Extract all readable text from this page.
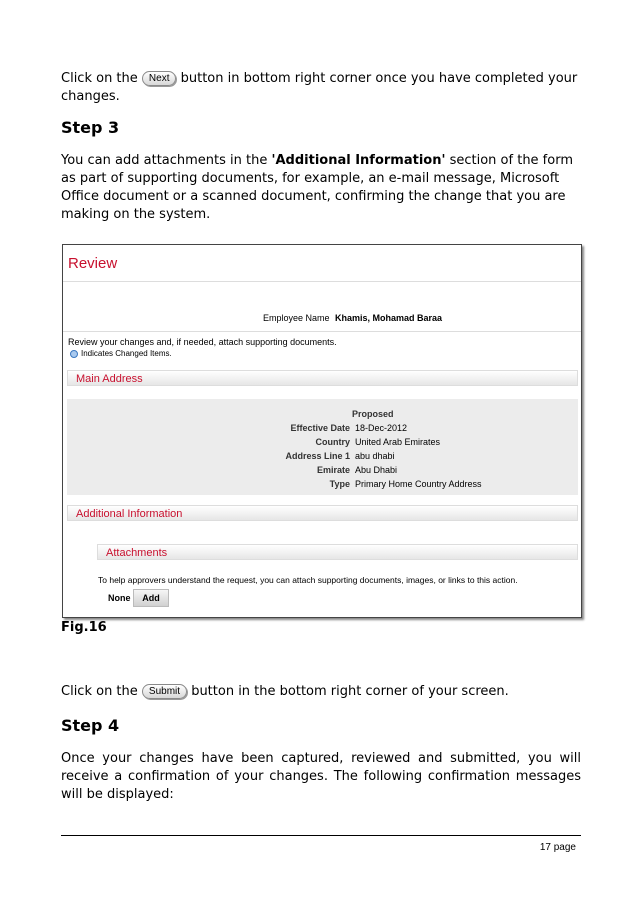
Click on the Next button in bottom right corner once you have completed your changes.
Step 3
You can add attachments in the 'Additional Information' section of the form as part of supporting documents, for example, an e-mail message, Microsoft Office document or a scanned document, confirming the change that you are making on the system.
Review
Employee Name Khamis, Mohamad Baraa
Review your changes and, if needed, attach supporting documents.
Indicates Changed Items.
Main Address
Proposed
Effective Date 18-Dec-2012
Country United Arab Emirates
Address Line 1 abu dhabi
Emirate Abu Dhabi
Type Primary Home Country Address
Additional Information
Attachments
To help approvers understand the request, you can attach supporting documents, images, or links to this action.
None	Add
Fig.16
Click on the Submit button in the bottom right corner of your screen.
Step 4
Once your changes have been captured, reviewed and submitted, you will receive a confirmation of your changes. The following confirmation messages will be displayed:
17 page
